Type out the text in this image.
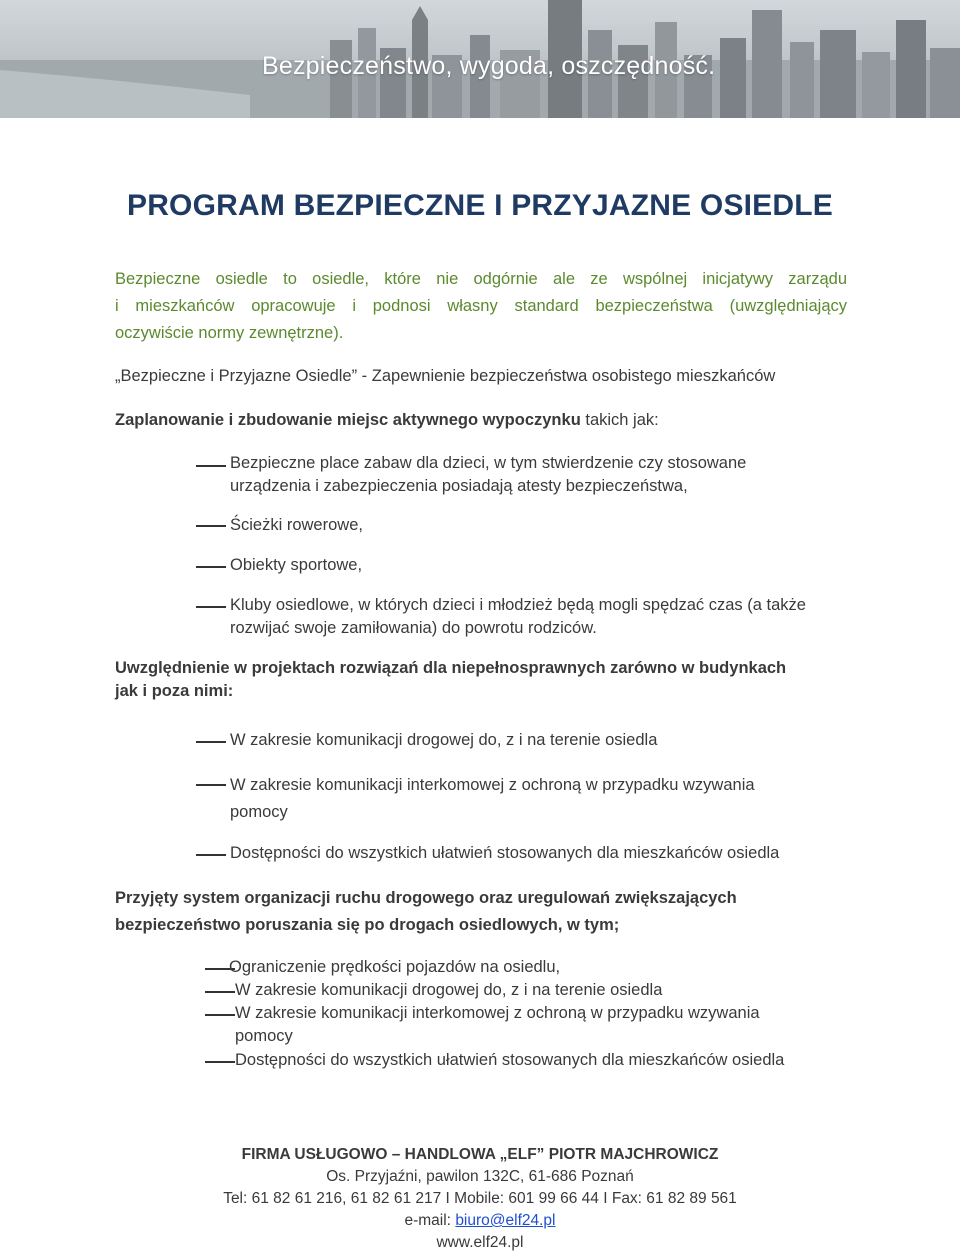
Bezpieczeństwo, wygoda, oszczędność.
PROGRAM BEZPIECZNE I PRZYJAZNE OSIEDLE
Bezpieczne osiedle to osiedle, które nie odgórnie ale ze wspólnej inicjatywy zarządu
i mieszkańców opracowuje i podnosi własny standard bezpieczeństwa (uwzględniający
oczywiście normy zewnętrzne).
„Bezpieczne i Przyjazne Osiedle” - Zapewnienie bezpieczeństwa osobistego mieszkańców
Zaplanowanie i zbudowanie miejsc aktywnego wypoczynku takich jak:
Bezpieczne place zabaw dla dzieci, w tym stwierdzenie czy stosowane
urządzenia i zabezpieczenia posiadają atesty bezpieczeństwa,
Ścieżki rowerowe,
Obiekty sportowe,
Kluby osiedlowe, w których dzieci i młodzież będą mogli spędzać czas (a także
rozwijać swoje zamiłowania) do powrotu rodziców.
Uwzględnienie w projektach rozwiązań dla niepełnosprawnych zarówno w budynkach
jak i poza nimi:
W zakresie komunikacji drogowej do, z i na terenie osiedla
W zakresie komunikacji interkomowej z ochroną w przypadku wzywania
pomocy
Dostępności do wszystkich ułatwień stosowanych dla mieszkańców osiedla
Przyjęty system organizacji ruchu drogowego oraz uregulowań zwiększających
bezpieczeństwo poruszania się po drogach osiedlowych, w tym;
Ograniczenie prędkości pojazdów na osiedlu,
W zakresie komunikacji drogowej do, z i na terenie osiedla
W zakresie komunikacji interkomowej z ochroną w przypadku wzywania
pomocy
Dostępności do wszystkich ułatwień stosowanych dla mieszkańców osiedla
FIRMA USŁUGOWO – HANDLOWA „ELF” PIOTR MAJCHROWICZ
Os. Przyjaźni, pawilon 132C, 61-686 Poznań
Tel: 61 82 61 216, 61 82 61 217 I Mobile: 601 99 66 44 I Fax: 61 82 89 561
e-mail: biuro@elf24.pl
www.elf24.pl
